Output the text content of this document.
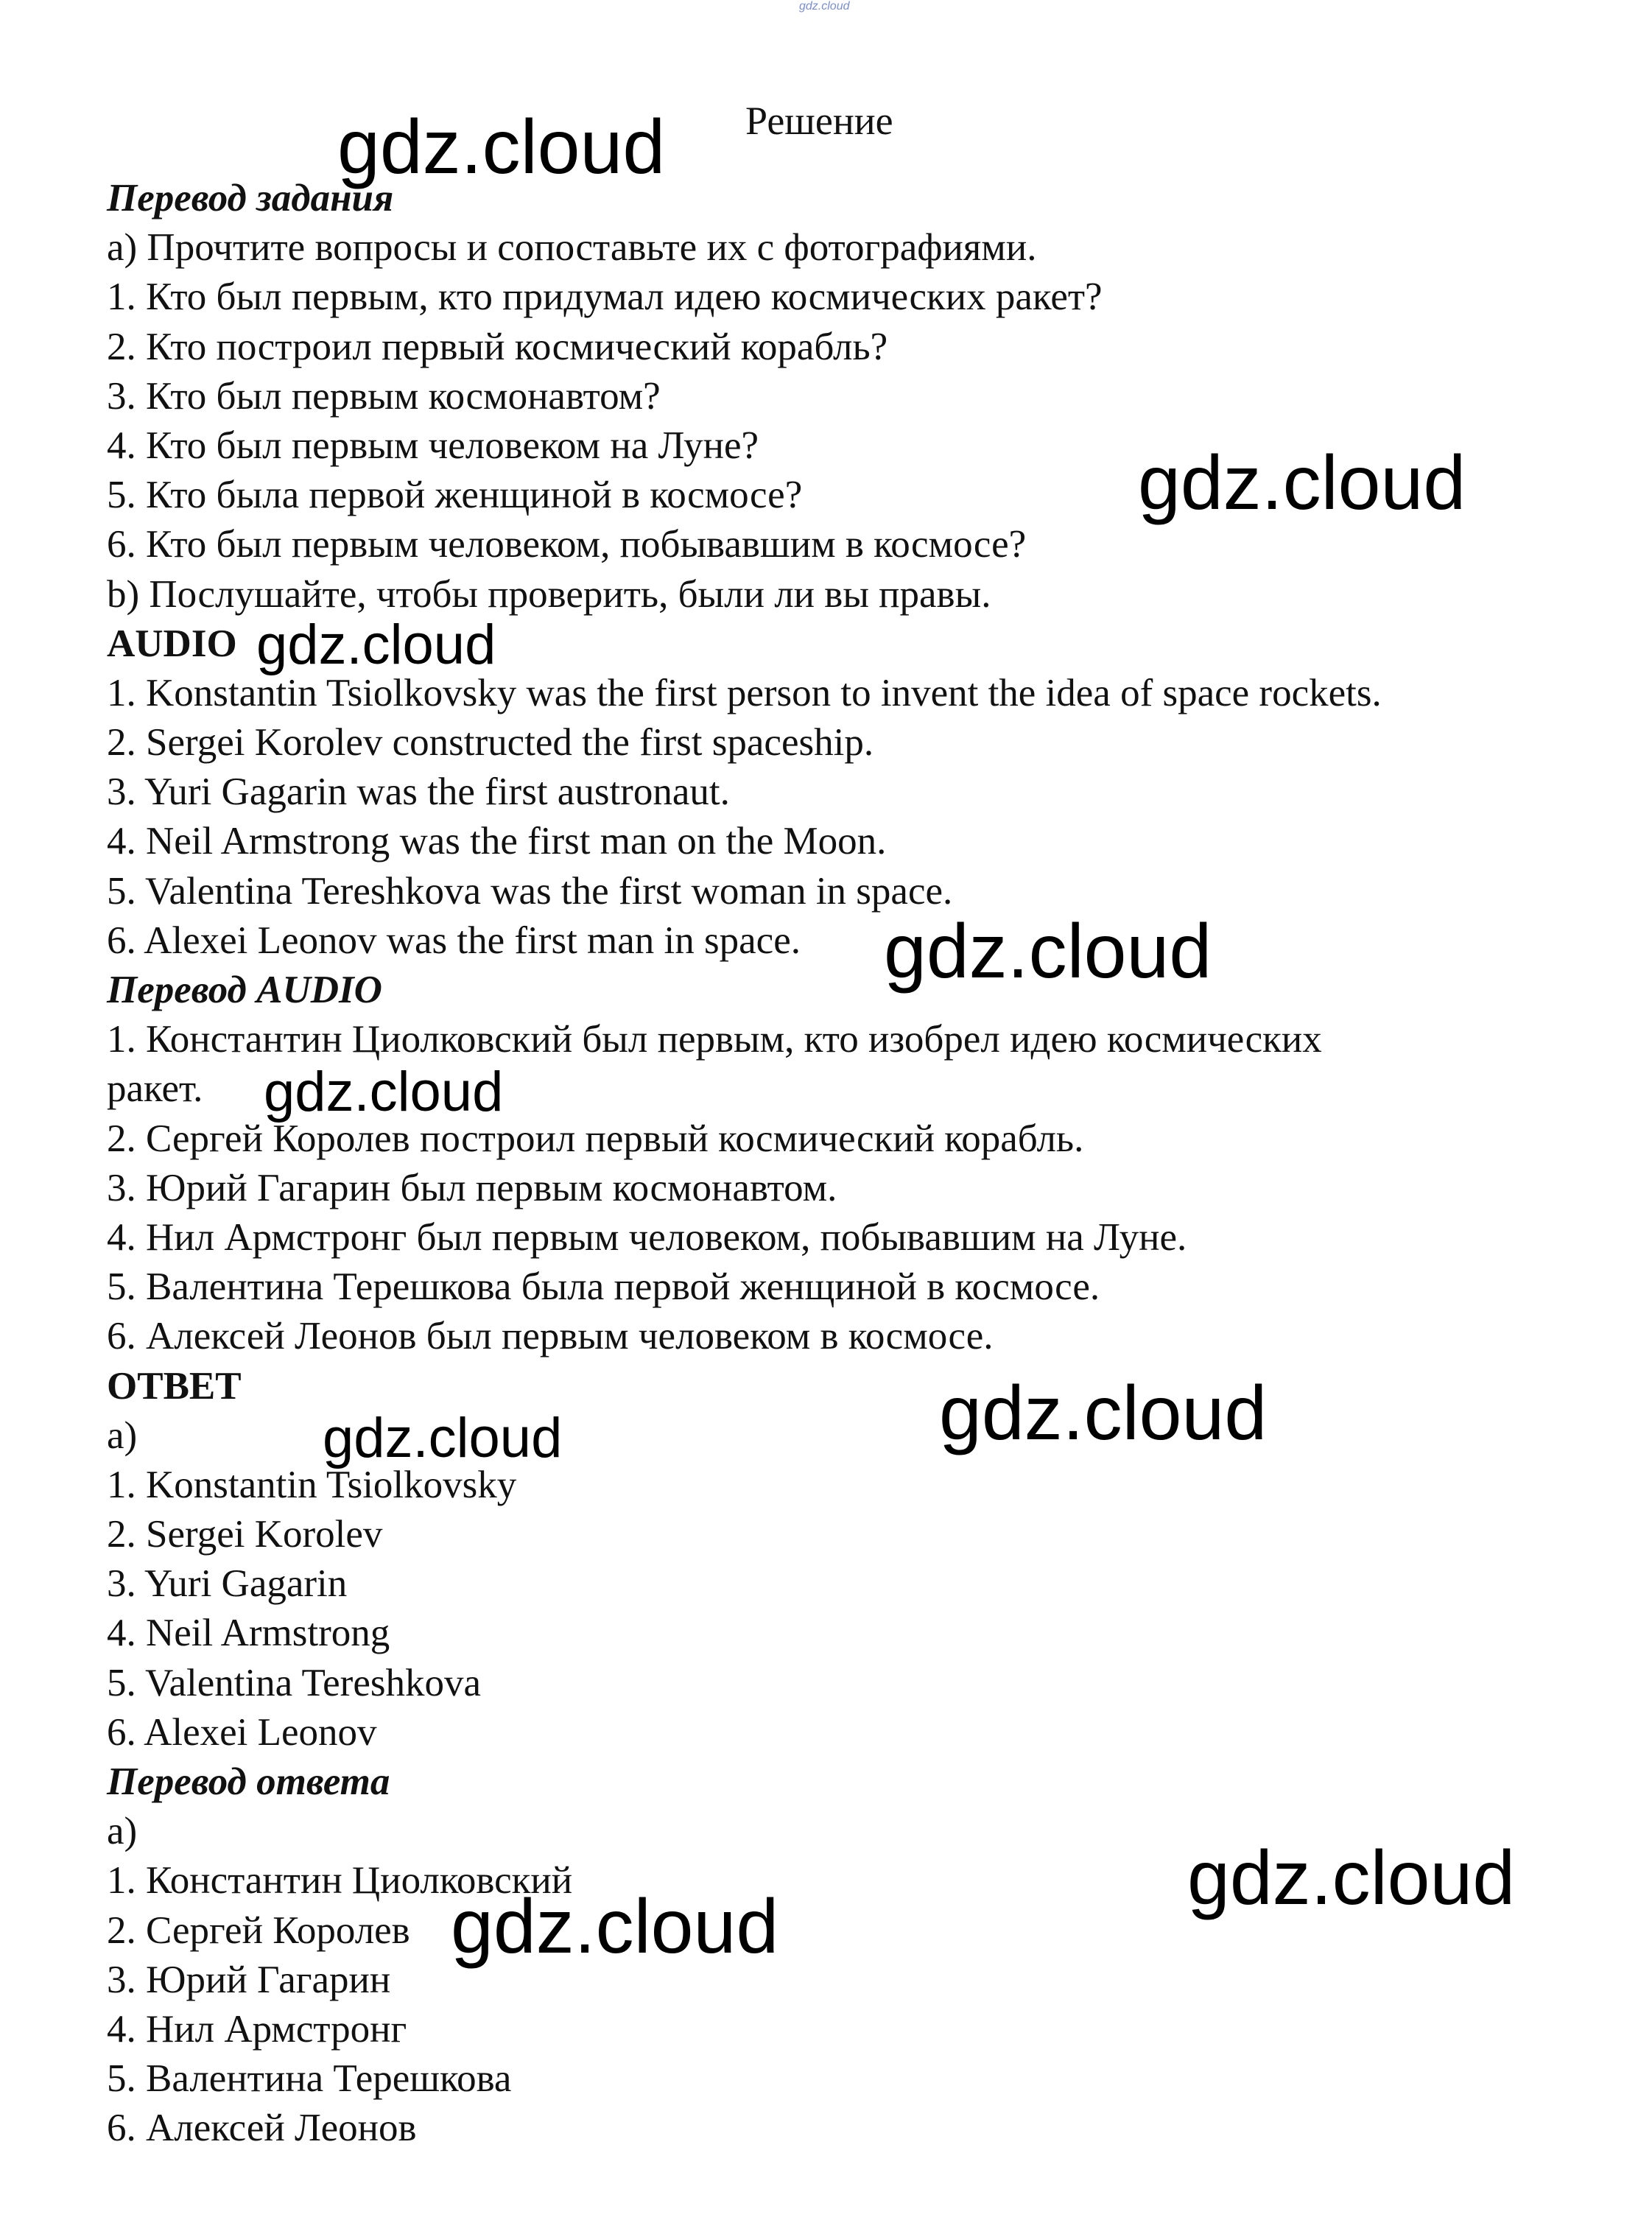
gdz.cloud
Решение
Перевод задания
а) Прочтите вопросы и сопоставьте их с фотографиями.
1. Кто был первым, кто придумал идею космических ракет?
2. Кто построил первый космический корабль?
3. Кто был первым космонавтом?
4. Кто был первым человеком на Луне?
5. Кто была первой женщиной в космосе?
6. Кто был первым человеком, побывавшим в космосе?
b) Послушайте, чтобы проверить, были ли вы правы.
AUDIO
1. Konstantin Tsiolkovsky was the first person to invent the idea of space rockets.
2. Sergei Korolev constructed the first spaceship.
3. Yuri Gagarin was the first austronaut.
4. Neil Armstrong was the first man on the Moon.
5. Valentina Tereshkova was the first woman in space.
6. Alexei Leonov was the first man in space.
Перевод AUDIO
1. Константин Циолковский был первым, кто изобрел идею космических
ракет.
2. Сергей Королев построил первый космический корабль.
3. Юрий Гагарин был первым космонавтом.
4. Нил Армстронг был первым человеком, побывавшим на Луне.
5. Валентина Терешкова была первой женщиной в космосе.
6. Алексей Леонов был первым человеком в космосе.
ОТВЕТ
a)
1. Konstantin Tsiolkovsky
2. Sergei Korolev
3. Yuri Gagarin
4. Neil Armstrong
5. Valentina Tereshkova
6. Alexei Leonov
Перевод ответа
а)
1. Константин Циолковский
2. Сергей Королев
3. Юрий Гагарин
4. Нил Армстронг
5. Валентина Терешкова
6. Алексей Леонов
gdz.cloud
gdz.cloud
gdz.cloud
gdz.cloud
gdz.cloud
gdz.cloud
gdz.cloud
gdz.cloud
gdz.cloud
